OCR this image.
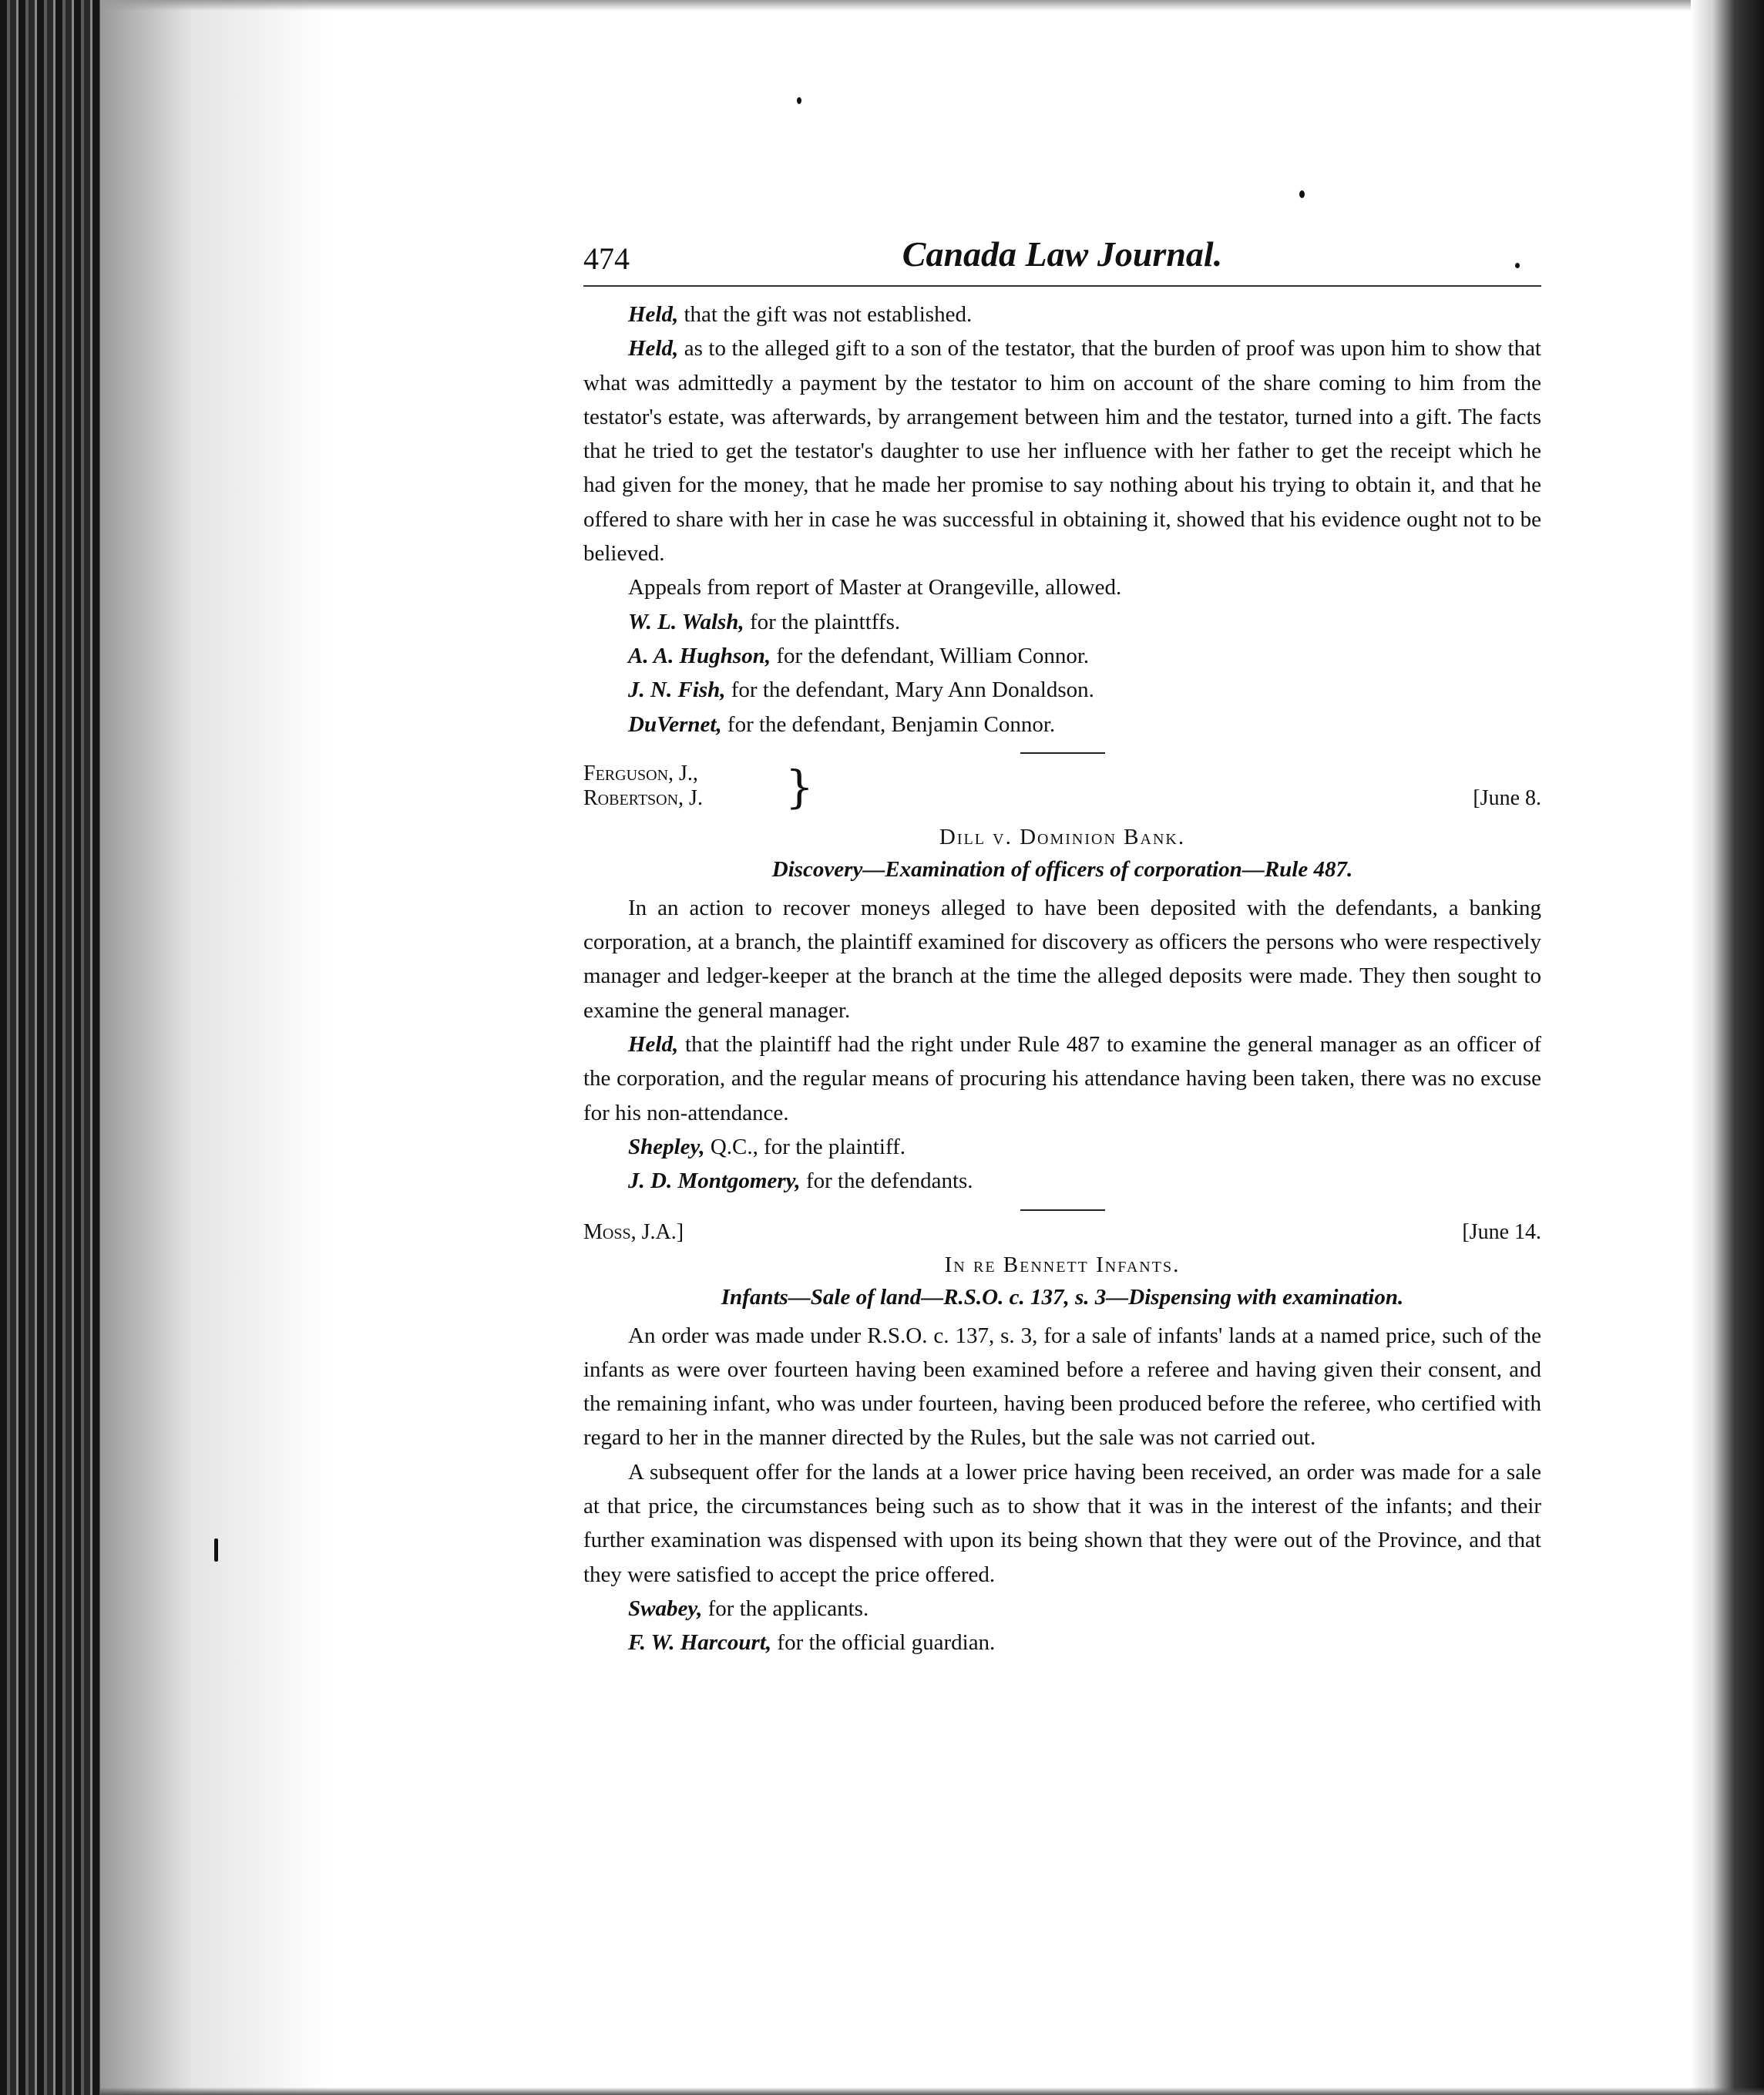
474	Canada Law Journal.

Held, that the gift was not established.

Held, as to the alleged gift to a son of the testator, that the burden of proof was upon him to show that what was admittedly a payment by the testator to him on account of the share coming to him from the testator's estate, was afterwards, by arrangement between him and the testator, turned into a gift. The facts that he tried to get the testator's daughter to use her influence with her father to get the receipt which he had given for the money, that he made her promise to say nothing about his trying to obtain it, and that he offered to share with her in case he was successful in obtaining it, showed that his evidence ought not to be believed.

Appeals from report of Master at Orangeville, allowed.

W. L. Walsh, for the plainttffs.

A. A. Hughson, for the defendant, William Connor.

J. N. Fish, for the defendant, Mary Ann Donaldson.

DuVernet, for the defendant, Benjamin Connor.

Ferguson, J.,
Robertson, J. }	[June 8.
Dill v. Dominion Bank.
Discovery—Examination of officers of corporation—Rule 487.

In an action to recover moneys alleged to have been deposited with the defendants, a banking corporation, at a branch, the plaintiff examined for discovery as officers the persons who were respectively manager and ledger-keeper at the branch at the time the alleged deposits were made. They then sought to examine the general manager.

Held, that the plaintiff had the right under Rule 487 to examine the general manager as an officer of the corporation, and the regular means of procuring his attendance having been taken, there was no excuse for his non-attendance.

Shepley, Q.C., for the plaintiff.

J. D. Montgomery, for the defendants.

Moss, J.A.]	[June 14.
In re Bennett Infants.
Infants—Sale of land—R.S.O. c. 137, s. 3—Dispensing with examination.

An order was made under R.S.O. c. 137, s. 3, for a sale of infants' lands at a named price, such of the infants as were over fourteen having been examined before a referee and having given their consent, and the remaining infant, who was under fourteen, having been produced before the referee, who certified with regard to her in the manner directed by the Rules, but the sale was not carried out.

A subsequent offer for the lands at a lower price having been received, an order was made for a sale at that price, the circumstances being such as to show that it was in the interest of the infants; and their further examination was dispensed with upon its being shown that they were out of the Province, and that they were satisfied to accept the price offered.

Swabey, for the applicants.

F. W. Harcourt, for the official guardian.
